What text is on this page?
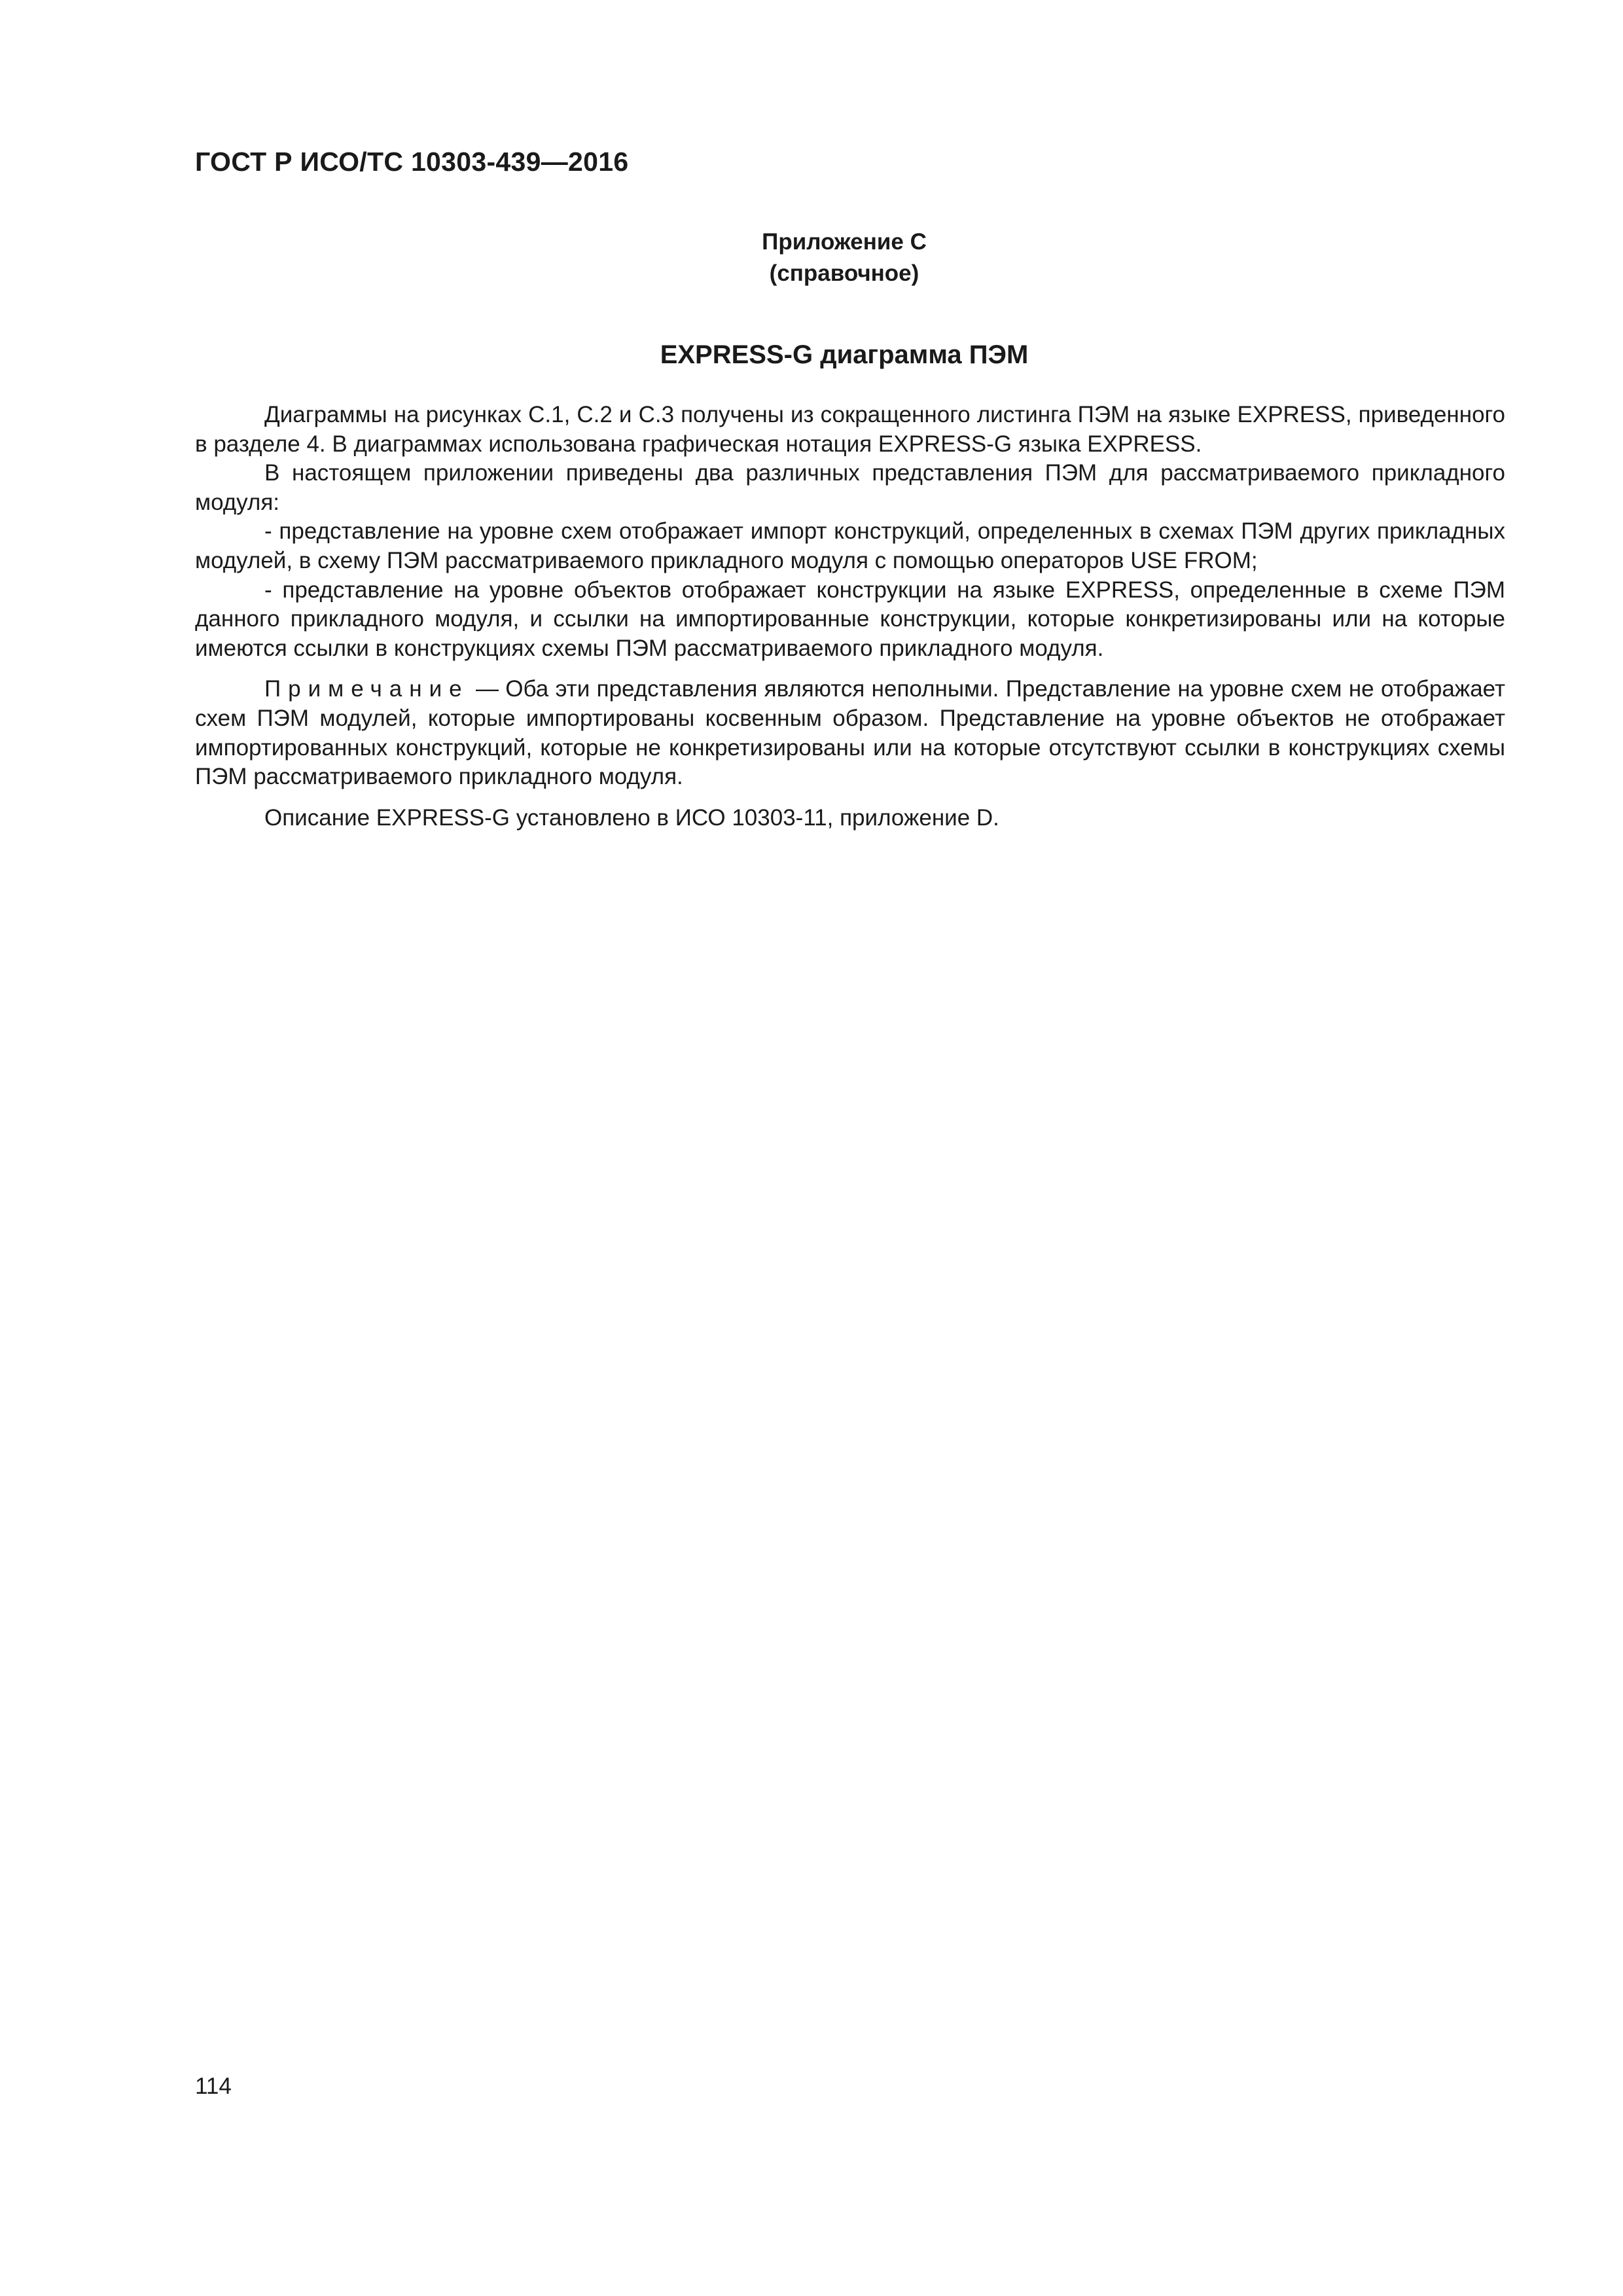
ГОСТ Р ИСО/ТС 10303-439—2016
Приложение С
(справочное)
EXPRESS-G диаграмма ПЭМ

Диаграммы на рисунках С.1, С.2 и С.3 получены из сокращенного листинга ПЭМ на языке EXPRESS, приведенного в разделе 4. В диаграммах использована графическая нотация EXPRESS-G языка EXPRESS.

В настоящем приложении приведены два различных представления ПЭМ для рассматриваемого прикладного модуля:

- представление на уровне схем отображает импорт конструкций, определенных в схемах ПЭМ других прикладных модулей, в схему ПЭМ рассматриваемого прикладного модуля с помощью операторов USE FROM;

- представление на уровне объектов отображает конструкции на языке EXPRESS, определенные в схеме ПЭМ данного прикладного модуля, и ссылки на импортированные конструкции, которые конкретизированы или на которые имеются ссылки в конструкциях схемы ПЭМ рассматриваемого прикладного модуля.

Примечание — Оба эти представления являются неполными. Представление на уровне схем не отображает схем ПЭМ модулей, которые импортированы косвенным образом. Представление на уровне объектов не отображает импортированных конструкций, которые не конкретизированы или на которые отсутствуют ссылки в конструкциях схемы ПЭМ рассматриваемого прикладного модуля.

Описание EXPRESS-G установлено в ИСО 10303-11, приложение D.

114
